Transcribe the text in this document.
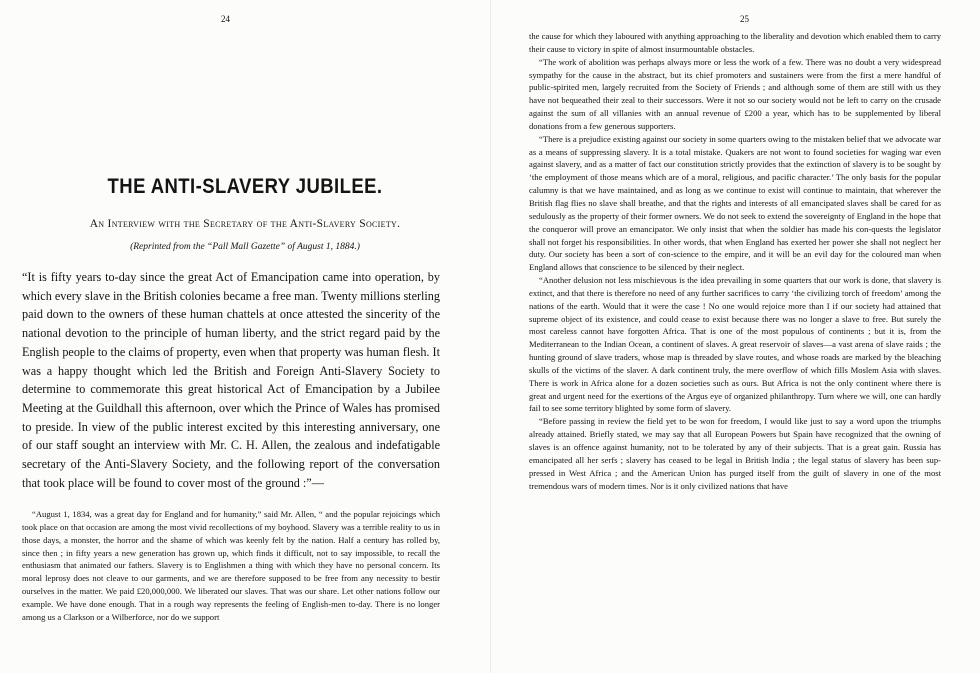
24
THE ANTI-SLAVERY JUBILEE.
An Interview with the Secretary of the Anti-Slavery Society.
(Reprinted from the “Pall Mall Gazette” of August 1, 1884.)

“It is fifty years to-day since the great Act of Emancipation came into operation, by which every slave in the British colonies became a free man. Twenty millions sterling paid down to the owners of these human chattels at once attested the sincerity of the national devotion to the principle of human liberty, and the strict regard paid by the English people to the claims of property, even when that property was human flesh. It was a happy thought which led the British and Foreign Anti-Slavery Society to determine to commemorate this great historical Act of Emancipation by a Jubilee Meeting at the Guildhall this afternoon, over which the Prince of Wales has promised to preside. In view of the public interest excited by this interesting anniversary, one of our staff sought an interview with Mr. C. H. Allen, the zealous and indefatigable secretary of the Anti-Slavery Society, and the following report of the conversation that took place will be found to cover most of the ground :”—

“August 1, 1834, was a great day for England and for humanity,” said Mr. Allen, “ and the popular rejoicings which took place on that occasion are among the most vivid recollections of my boyhood. Slavery was a terrible reality to us in those days, a monster, the horror and the shame of which was keenly felt by the nation. Half a century has rolled by, since then ; in fifty years a new generation has grown up, which finds it difficult, not to say impossible, to recall the enthusiasm that animated our fathers. Slavery is to Englishmen a thing with which they have no personal concern. Its moral leprosy does not cleave to our garments, and we are therefore supposed to be free from any necessity to bestir ourselves in the matter. We paid £20,000,000. We liberated our slaves. That was our share. Let other nations follow our example. We have done enough. That in a rough way represents the feeling of English-men to-day. There is no longer among us a Clarkson or a Wilberforce, nor do we support

25

the cause for which they laboured with anything approaching to the liberality and devotion which enabled them to carry their cause to victory in spite of almost insurmountable obstacles.

“The work of abolition was perhaps always more or less the work of a few. There was no doubt a very widespread sympathy for the cause in the abstract, but its chief promoters and sustainers were from the first a mere handful of public-spirited men, largely recruited from the Society of Friends ; and although some of them are still with us they have not bequeathed their zeal to their successors. Were it not so our society would not be left to carry on the crusade against the sum of all villanies with an annual revenue of £200 a year, which has to be supplemented by liberal donations from a few generous supporters.

“There is a prejudice existing against our society in some quarters owing to the mistaken belief that we advocate war as a means of suppressing slavery. It is a total mistake. Quakers are not wont to found societies for waging war even against slavery, and as a matter of fact our constitution strictly provides that the extinction of slavery is to be sought by ‘the employment of those means which are of a moral, religious, and pacific character.’ The only basis for the popular calumny is that we have maintained, and as long as we continue to exist will continue to maintain, that wherever the British flag flies no slave shall breathe, and that the rights and interests of all emancipated slaves shall be cared for as sedulously as the property of their former owners. We do not seek to extend the sovereignty of England in the hope that the conqueror will prove an emancipator. We only insist that when the soldier has made his con-quests the legislator shall not forget his responsibilities. In other words, that when England has exerted her power she shall not neglect her duty. Our society has been a sort of con-science to the empire, and it will be an evil day for the coloured man when England allows that conscience to be silenced by their neglect.

“Another delusion not less mischievous is the idea prevailing in some quarters that our work is done, that slavery is extinct, and that there is therefore no need of any further sacrifices to carry ‘the civilizing torch of freedom’ among the nations of the earth. Would that it were the case ! No one would rejoice more than I if our society had attained that supreme object of its existence, and could cease to exist because there was no longer a slave to free. But surely the most careless cannot have forgotten Africa. That is one of the most populous of continents ; but it is, from the Mediterranean to the Indian Ocean, a continent of slaves. A great reservoir of slaves—a vast arena of slave raids ; the hunting ground of slave traders, whose map is threaded by slave routes, and whose roads are marked by the bleaching skulls of the victims of the slaver. A dark continent truly, the mere overflow of which fills Moslem Asia with slaves. There is work in Africa alone for a dozen societies such as ours. But Africa is not the only continent where there is great and urgent need for the exertions of the Argus eye of organized philanthropy. Turn where we will, one can hardly fail to see some territory blighted by some form of slavery.

“Before passing in review the field yet to be won for freedom, I would like just to say a word upon the triumphs already attained. Briefly stated, we may say that all European Powers but Spain have recognized that the owning of slaves is an offence against humanity, not to be tolerated by any of their subjects. That is a great gain. Russia has emancipated all her serfs ; slavery has ceased to be legal in British India ; the legal status of slavery has been sup-pressed in West Africa ; and the American Union has purged itself from the guilt of slavery in one of the most tremendous wars of modern times. Nor is it only civilized nations that have
